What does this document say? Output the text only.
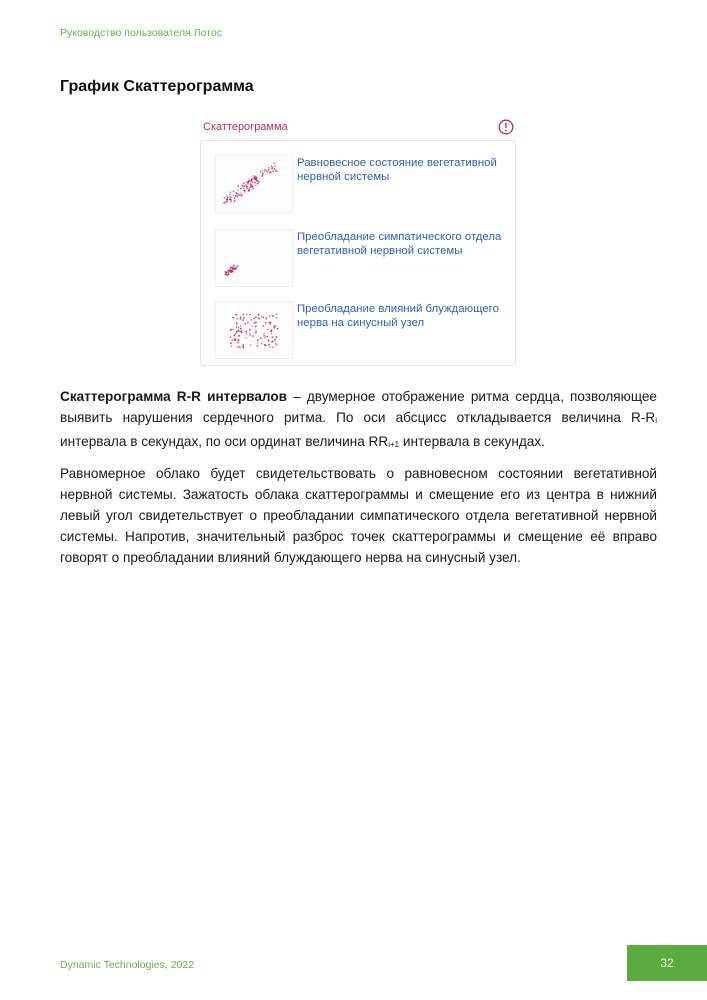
Руководство пользователя Лотос
График Скаттерограмма
Скаттерограмма
Равновесное состояние вегетативной нервной системы
Преобладание симпатического отдела вегетативной нервной системы
Преобладание влияний блуждающего нерва на синусный узел

Скаттерограмма R-R интервалов – двумерное отображение ритма сердца, позволяющее выявить нарушения сердечного ритма. По оси абсцисс откладывается величина $R-R_i$ интервала в секундах, по оси ординат величина $RR_{i+1}$ интервала в секундах.

Равномерное облако будет свидетельствовать о равновесном состоянии вегетативной нервной системы. Зажатость облака скаттерограммы и смещение его из центра в нижний левый угол свидетельствует о преобладании симпатического отдела вегетативной нервной системы. Напротив, значительный разброс точек скаттерограммы и смещение её вправо говорят о преобладании влияний блуждающего нерва на синусный узел.

Dynamic Technologies, 2022	32
